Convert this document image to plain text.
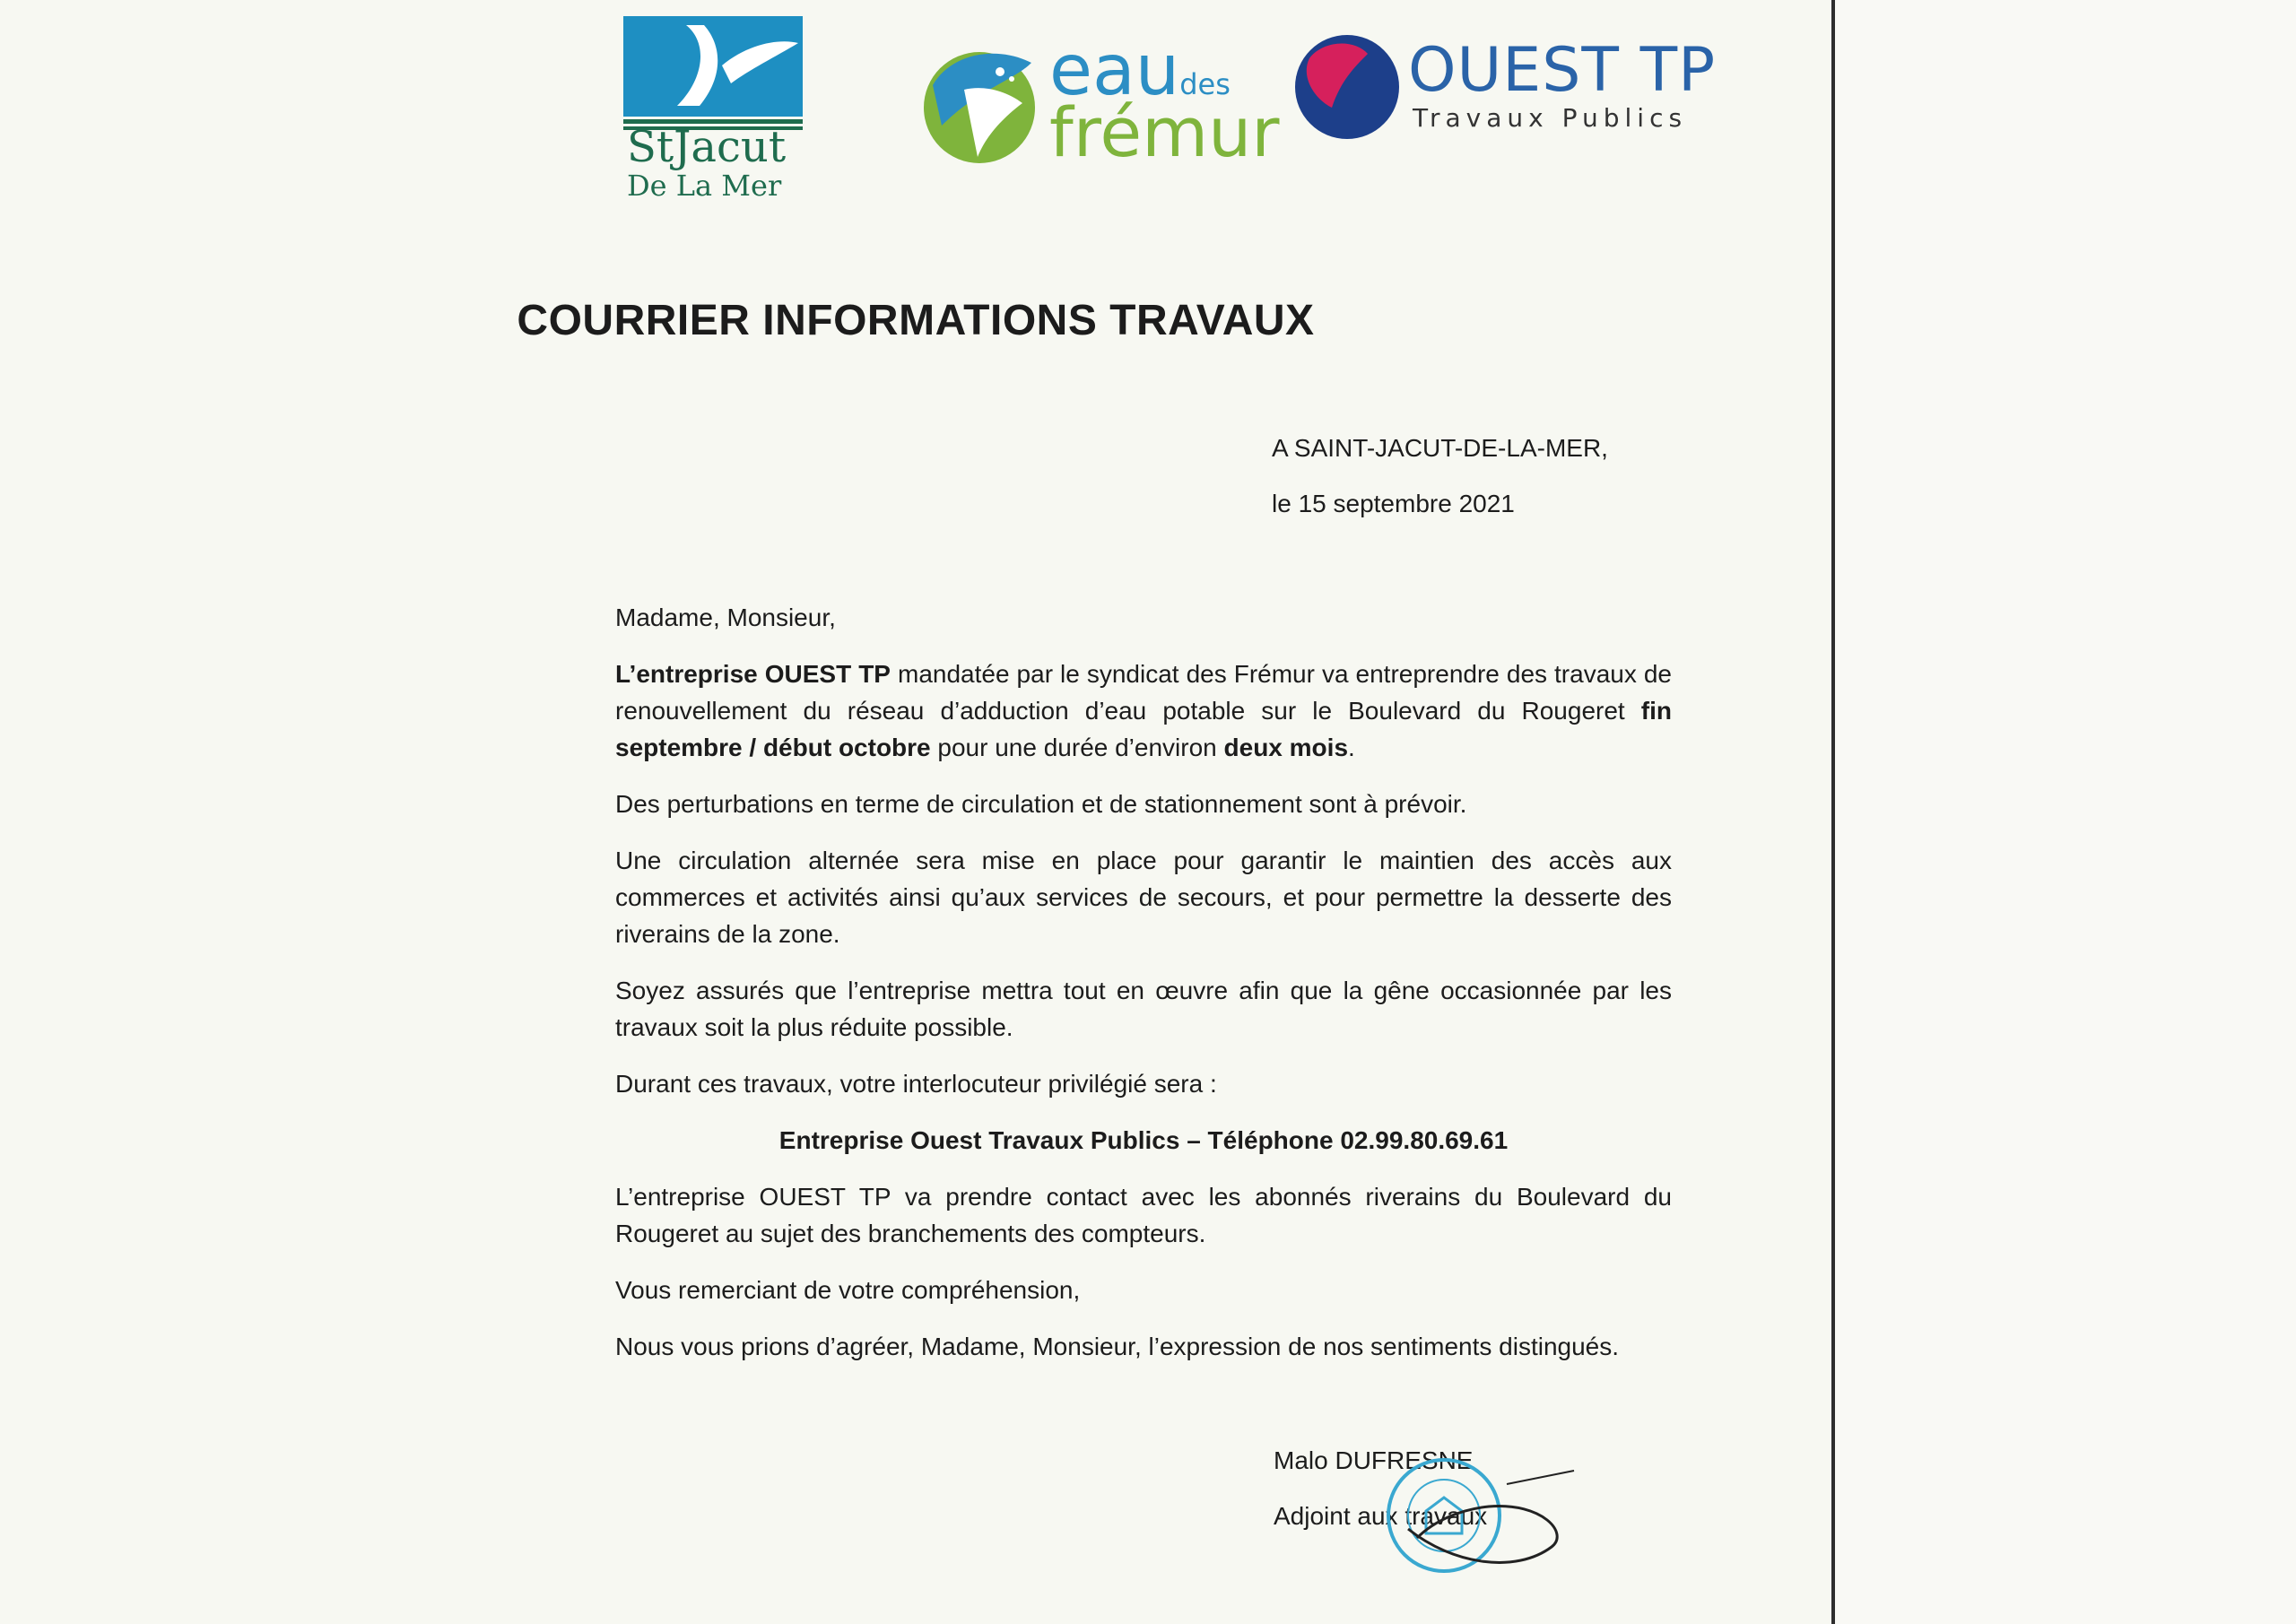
StJacut
De La Mer
eaudes
frémur
OUEST TP
Travaux Publics
COURRIER INFORMATIONS TRAVAUX
A SAINT-JACUT-DE-LA-MER,
le 15 septembre 2021

Madame, Monsieur,

L’entreprise OUEST TP mandatée par le syndicat des Frémur va entreprendre des travaux de renouvellement du réseau d’adduction d’eau potable sur le Boulevard du Rougeret fin septembre / début octobre pour une durée d’environ deux mois.

Des perturbations en terme de circulation et de stationnement sont à prévoir.

Une circulation alternée sera mise en place pour garantir le maintien des accès aux commerces et activités ainsi qu’aux services de secours, et pour permettre la desserte des riverains de la zone.

Soyez assurés que l’entreprise mettra tout en œuvre afin que la gêne occasionnée par les travaux soit la plus réduite possible.

Durant ces travaux, votre interlocuteur privilégié sera :

Entreprise Ouest Travaux Publics – Téléphone 02.99.80.69.61

L’entreprise OUEST TP va prendre contact avec les abonnés riverains du Boulevard du Rougeret au sujet des branchements des compteurs.

Vous remerciant de votre compréhension,

Nous vous prions d’agréer, Madame, Monsieur, l’expression de nos sentiments distingués.

Malo DUFRESNE
Adjoint aux travaux
